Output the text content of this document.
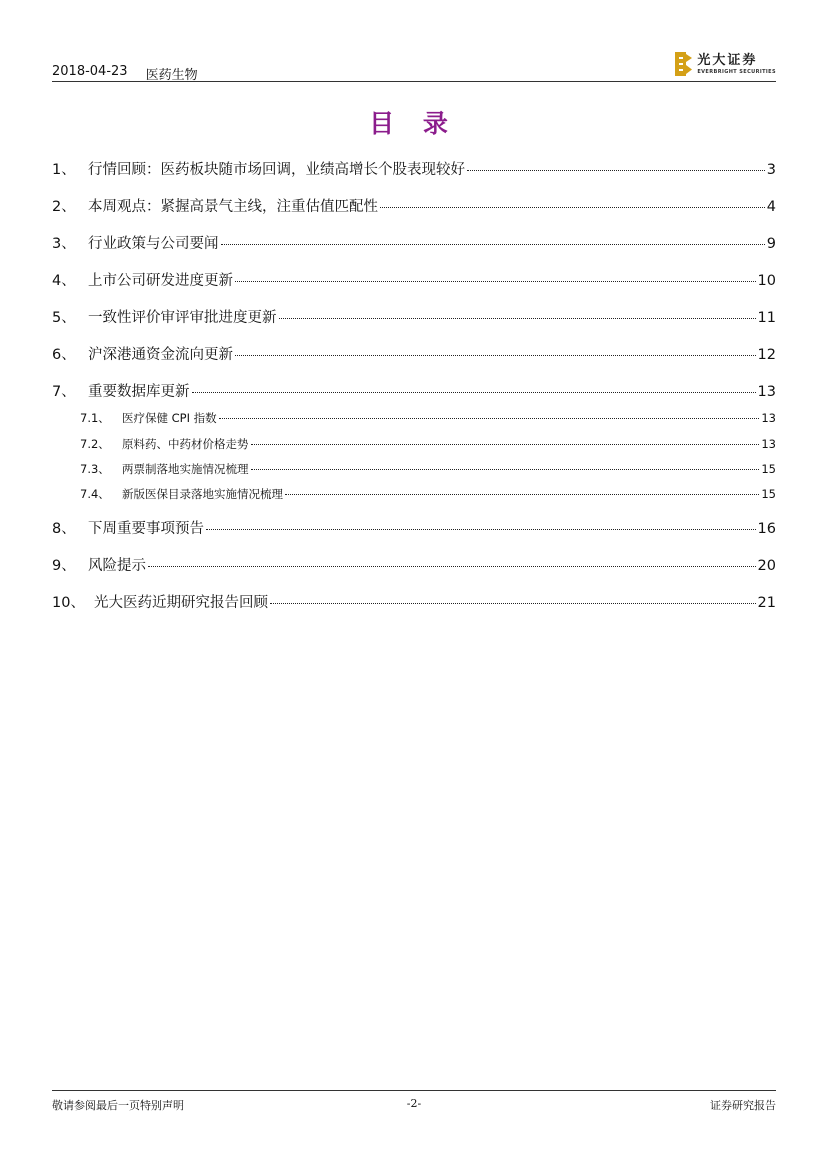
2018-04-23 医药生物
光大证券
EVERBRIGHT SECURITIES
目 录
1、 行情回顾：医药板块随市场回调，业绩高增长个股表现较好	3
2、 本周观点：紧握高景气主线，注重估值匹配性	4
3、 行业政策与公司要闻	9
4、 上市公司研发进度更新	10
5、 一致性评价审评审批进度更新	11
6、 沪深港通资金流向更新	12
7、 重要数据库更新	13
7.1、	医疗保健 CPI 指数	13
7.2、	原料药、中药材价格走势	13
7.3、	两票制落地实施情况梳理	15
7.4、	新版医保目录落地实施情况梳理	15
8、 下周重要事项预告	16
9、 风险提示	20
10、 光大医药近期研究报告回顾	21
敬请参阅最后一页特别声明	-2-	证券研究报告
